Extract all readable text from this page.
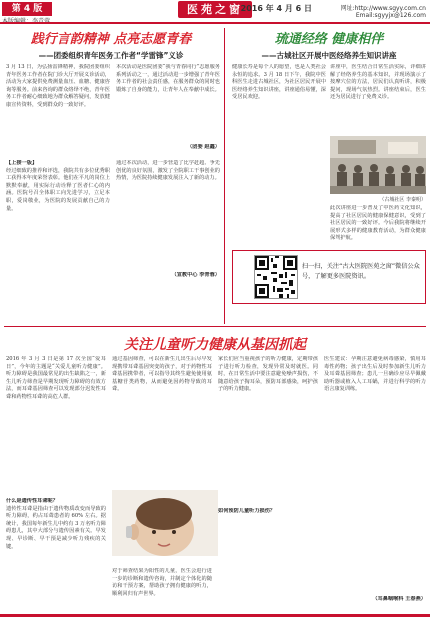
第 4 版	医苑之窗	网址:http://www.sgyy.com.cn
Email:sgyyjx@126.com
2016 年 4 月 6 日
践行言韵精神 点亮志愿青春
——团委组织青年医务工作者“学雷锋”义诊
3 月 13 日，为弘扬雷锋精神，我院团委组织青年医务工作者在院门诊大厅开展义诊活动，活动为大家提供免费测量血压、血糖、健康咨询等服务。前来咨询的群众络绎不绝，青年医务工作者耐心细致地为群众解答疑问，发放健康宣传资料，受到群众的一致好评。
本次活动是医院团委“我与青春同行”志愿服务系列活动之一，通过活动进一步增强了青年医务工作者的社会责任感，在服务群众的同时也锻炼了自身的能力，让青年人在奉献中成长。
（团委 赵鑫）
【上接一版】
经过细致的推荐和评选，我院共有多位优秀职工获得本年度荣誉表彰。他们在平凡的岗位上默默奉献，用实际行动诠释了医者仁心的内涵。医院号召全体职工向先进学习，立足本职，爱岗敬业，为医院的发展贡献自己的力量。
通过本次活动，进一步营造了比学赶超、争先创优的良好氛围，激发了全院职工干事创业的热情，为医院持续健康发展注入了新的动力。
（宣教中心 李青蓉）
琉通经络 健康相伴
——古城社区开展中医经络养生知识讲座
健康长寿是每个人的愿望，也是人类社会永恒的追求。3 月 18 日下午，我院中医科医生走进古城社区，为社区居民开展中医经络养生知识讲座，讲座通俗易懂，深受居民欢迎。
讲座中，医生结合日常生活实际，详细讲解了经络养生的基本知识，并现场演示了按摩穴位的方法，居民们认真听讲，积极提问，现场气氛热烈。讲座结束后，医生还为居民进行了免费义诊。
（古城社区 李秦明）
此次讲座进一步普及了中医药文化知识，提高了社区居民的健康保健意识，受到了社区居民的一致好评。今后我院将继续开展形式多样的健康教育活动，为群众健康保驾护航。
扫一扫，关注“古大医院医苑之窗”微信公众号，了解更多医院资讯。
关注儿童听力健康从基因抓起
2016 年 3 月 3 日是第 17 次全国“爱耳日”，今年的主题是“关爱儿童听力健康”。听力障碍是我国最常见的出生缺陷之一，新生儿听力筛查是早期发现听力障碍的有效方法，而耳聋基因筛查可以发现部分迟发性耳聋和药物性耳聋的高危人群。
什么是遗传性耳聋呢？
遗传性耳聋是指由于遗传物质改变而导致的听力障碍，约占耳聋患者的 60% 左右。据统计，我国每年新生儿中约有 3 万名听力障碍患儿，其中大部分与遗传因素有关。早发现、早诊断、早干预是减少听力残疾的关键。
通过基因筛查，可以在新生儿出生后尽早发现携带耳聋基因突变的孩子，对于药物性耳聋基因携带者，可以指导其终生避免使用氨基糖苷类药物，从而避免因药物导致的耳聋。
对于筛查结果为阳性的儿童，医生会进行进一步的诊断和遗传咨询，并制定个体化的随访和干预方案，帮助孩子拥有健康的听力，顺利回归有声世界。
家长们应当重视孩子的听力健康，定期带孩子进行听力检查，发现异常及时就医。同时，在日常生活中要注意避免噪声损伤，不随意给孩子掏耳朵，预防耳部感染，呵护孩子的听力健康。
如何预防儿童听力损伤？
医生建议：孕期注意避免病毒感染，慎用耳毒性药物；孩子出生后及时参加新生儿听力及耳聋基因筛查；患儿一旦确诊应尽早佩戴助听器或植入人工耳蜗，并进行科学的听力语言康复训练。
（耳鼻咽喉科 王春燕）
